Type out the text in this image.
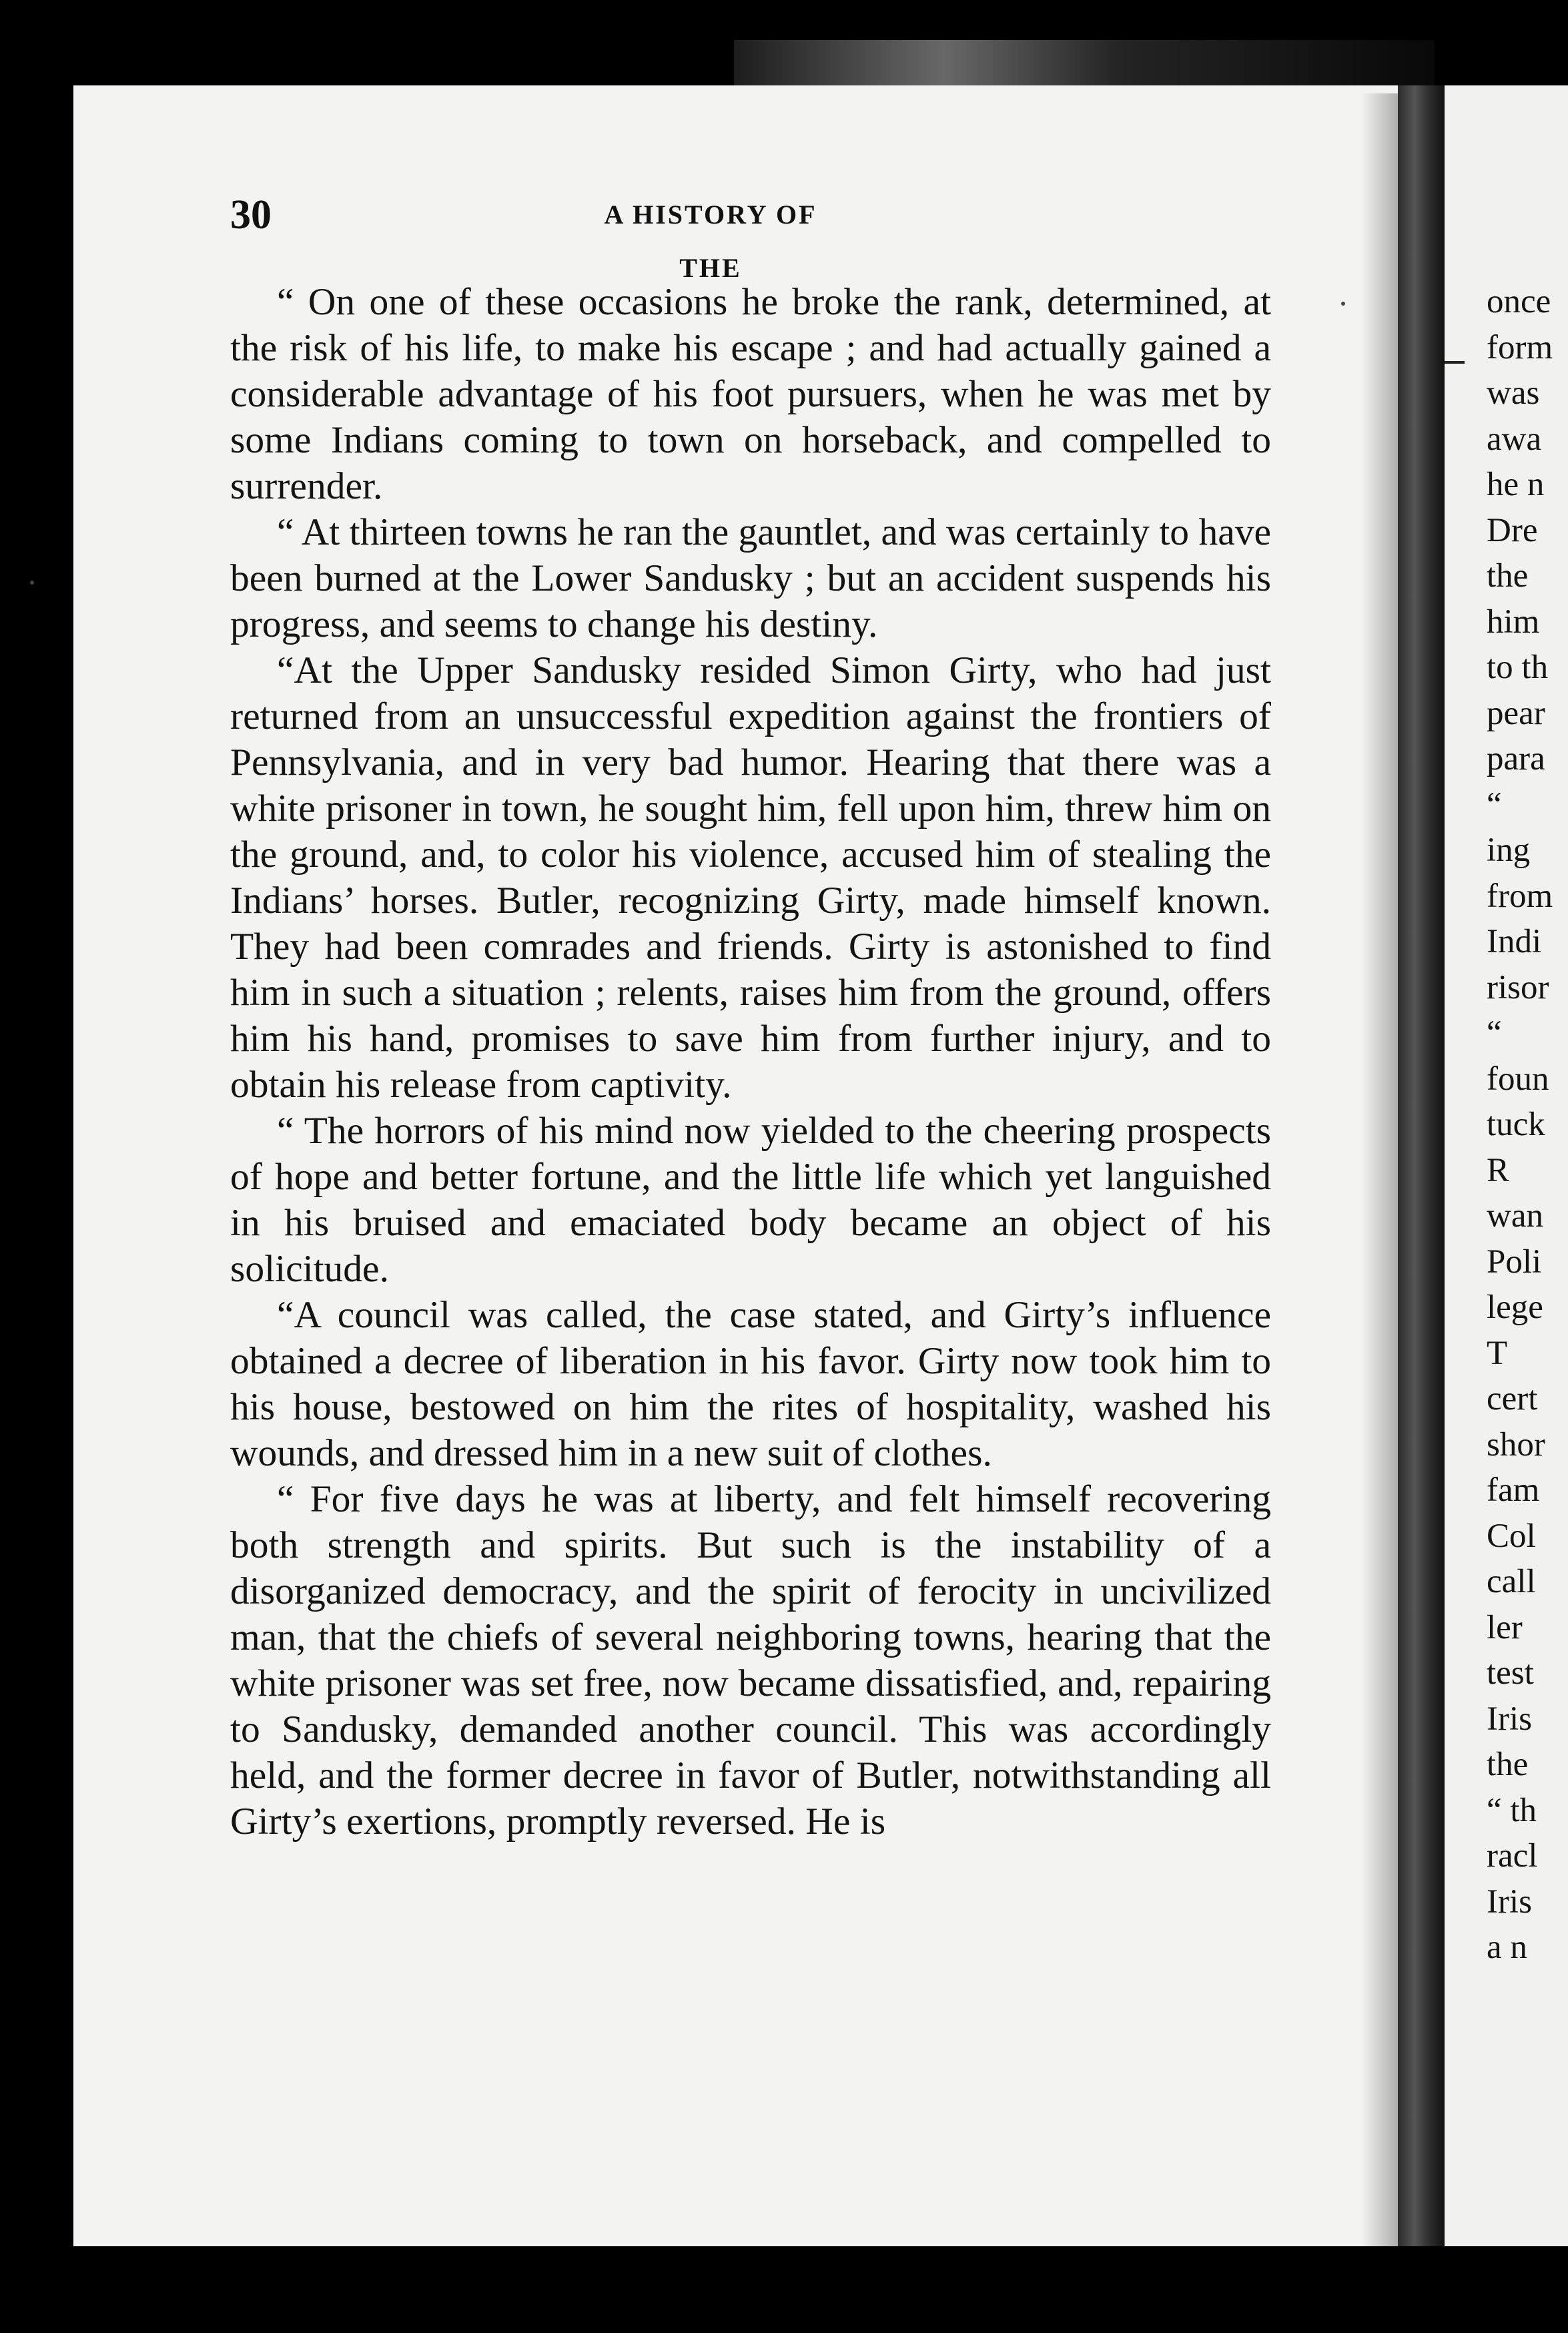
once
form
was
awa
he n
Dre
the
him
to th
pear
para
“
ing
from
Indi
risor
“
foun
tuck
R
wan
Poli
lege
T
cert
shor
fam
Col
call
ler
test
Iris
the
“ th
racl
Iris
a n
30	A HISTORY OF THE

“ On one of these occasions he broke the rank, determined, at the risk of his life, to make his escape ; and had actually gained a considerable advantage of his foot pursuers, when he was met by some Indians coming to town on horseback, and compelled to surrender.

“ At thirteen towns he ran the gauntlet, and was certainly to have been burned at the Lower Sandusky ; but an accident suspends his progress, and seems to change his destiny.

“At the Upper Sandusky resided Simon Girty, who had just returned from an unsuccessful expedition against the frontiers of Pennsylvania, and in very bad humor. Hearing that there was a white prisoner in town, he sought him, fell upon him, threw him on the ground, and, to color his violence, accused him of stealing the Indians’ horses. Butler, recognizing Girty, made himself known. They had been comrades and friends. Girty is astonished to find him in such a situation ; relents, raises him from the ground, offers him his hand, promises to save him from further injury, and to obtain his release from captivity.

“ The horrors of his mind now yielded to the cheering prospects of hope and better fortune, and the little life which yet languished in his bruised and emaciated body became an object of his solicitude.

“A council was called, the case stated, and Girty’s influence obtained a decree of liberation in his favor. Girty now took him to his house, bestowed on him the rites of hospitality, washed his wounds, and dressed him in a new suit of clothes.

“ For five days he was at liberty, and felt himself recovering both strength and spirits. But such is the instability of a disorganized democracy, and the spirit of ferocity in uncivilized man, that the chiefs of several neighboring towns, hearing that the white prisoner was set free, now became dissatisfied, and, repairing to Sandusky, demanded another council. This was accordingly held, and the former decree in favor of Butler, notwithstanding all Girty’s exertions, promptly reversed. He is
